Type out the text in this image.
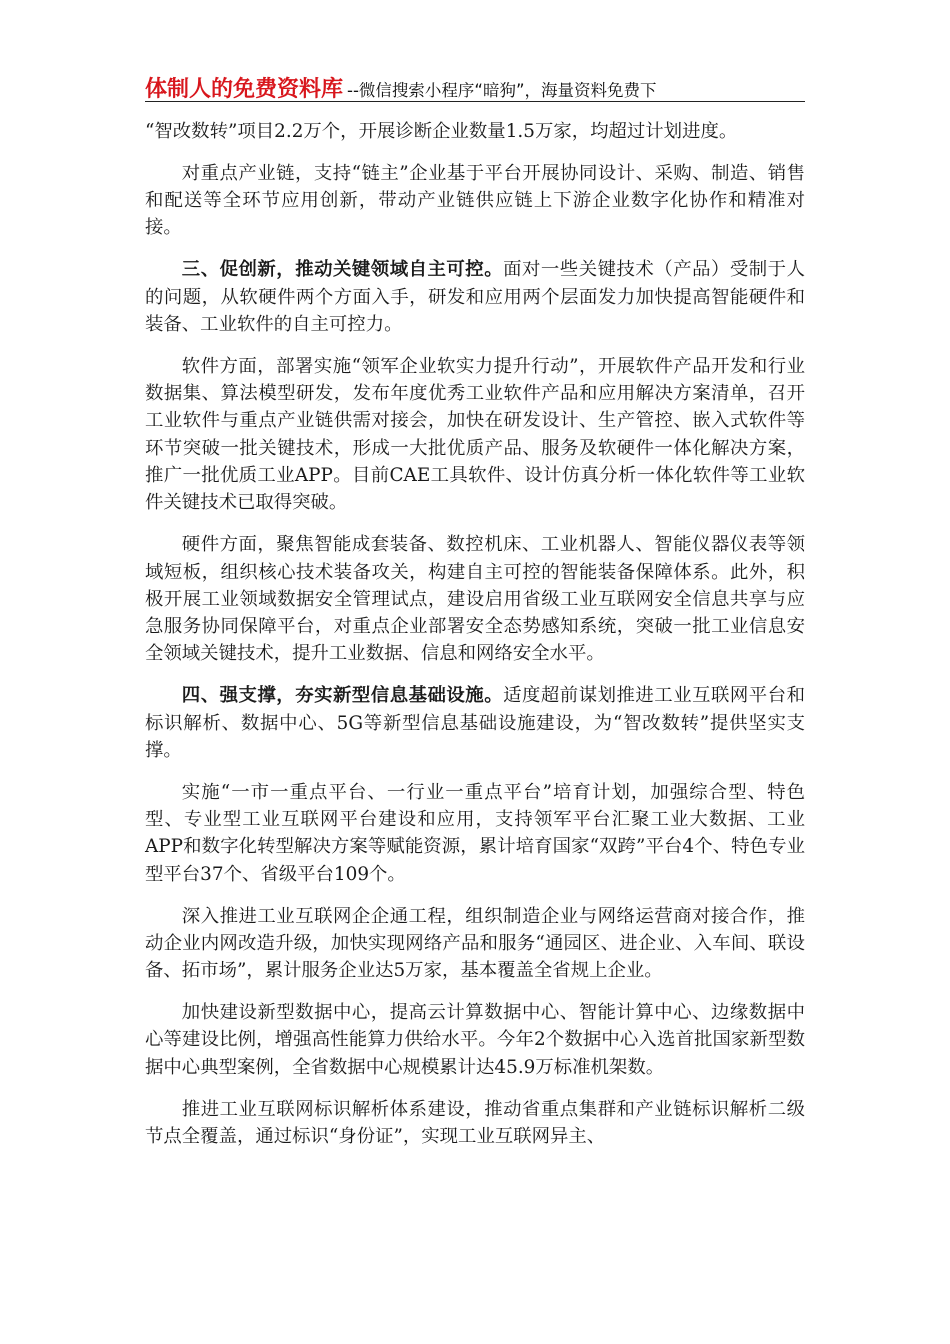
体制人的免费资料库 --微信搜索小程序“暗狗”，海量资料免费下

“智改数转”项目2.2万个，开展诊断企业数量1.5万家，均超过计划进度。

对重点产业链，支持“链主”企业基于平台开展协同设计、采购、制造、销售和配送等全环节应用创新，带动产业链供应链上下游企业数字化协作和精准对接。

三、促创新，推动关键领域自主可控。面对一些关键技术（产品）受制于人的问题，从软硬件两个方面入手，研发和应用两个层面发力加快提高智能硬件和装备、工业软件的自主可控力。

软件方面，部署实施“领军企业软实力提升行动”，开展软件产品开发和行业数据集、算法模型研发，发布年度优秀工业软件产品和应用解决方案清单，召开工业软件与重点产业链供需对接会，加快在研发设计、生产管控、嵌入式软件等环节突破一批关键技术，形成一大批优质产品、服务及软硬件一体化解决方案，推广一批优质工业APP。目前CAE工具软件、设计仿真分析一体化软件等工业软件关键技术已取得突破。

硬件方面，聚焦智能成套装备、数控机床、工业机器人、智能仪器仪表等领域短板，组织核心技术装备攻关，构建自主可控的智能装备保障体系。此外，积极开展工业领域数据安全管理试点，建设启用省级工业互联网安全信息共享与应急服务协同保障平台，对重点企业部署安全态势感知系统，突破一批工业信息安全领域关键技术，提升工业数据、信息和网络安全水平。

四、强支撑，夯实新型信息基础设施。适度超前谋划推进工业互联网平台和标识解析、数据中心、5G等新型信息基础设施建设，为“智改数转”提供坚实支撑。

实施“一市一重点平台、一行业一重点平台”培育计划，加强综合型、特色型、专业型工业互联网平台建设和应用，支持领军平台汇聚工业大数据、工业APP和数字化转型解决方案等赋能资源，累计培育国家“双跨”平台4个、特色专业型平台37个、省级平台109个。

深入推进工业互联网企企通工程，组织制造企业与网络运营商对接合作，推动企业内网改造升级，加快实现网络产品和服务“通园区、进企业、入车间、联设备、拓市场”，累计服务企业达5万家，基本覆盖全省规上企业。

加快建设新型数据中心，提高云计算数据中心、智能计算中心、边缘数据中心等建设比例，增强高性能算力供给水平。今年2个数据中心入选首批国家新型数据中心典型案例，全省数据中心规模累计达45.9万标准机架数。

推进工业互联网标识解析体系建设，推动省重点集群和产业链标识解析二级节点全覆盖，通过标识“身份证”，实现工业互联网异主、
